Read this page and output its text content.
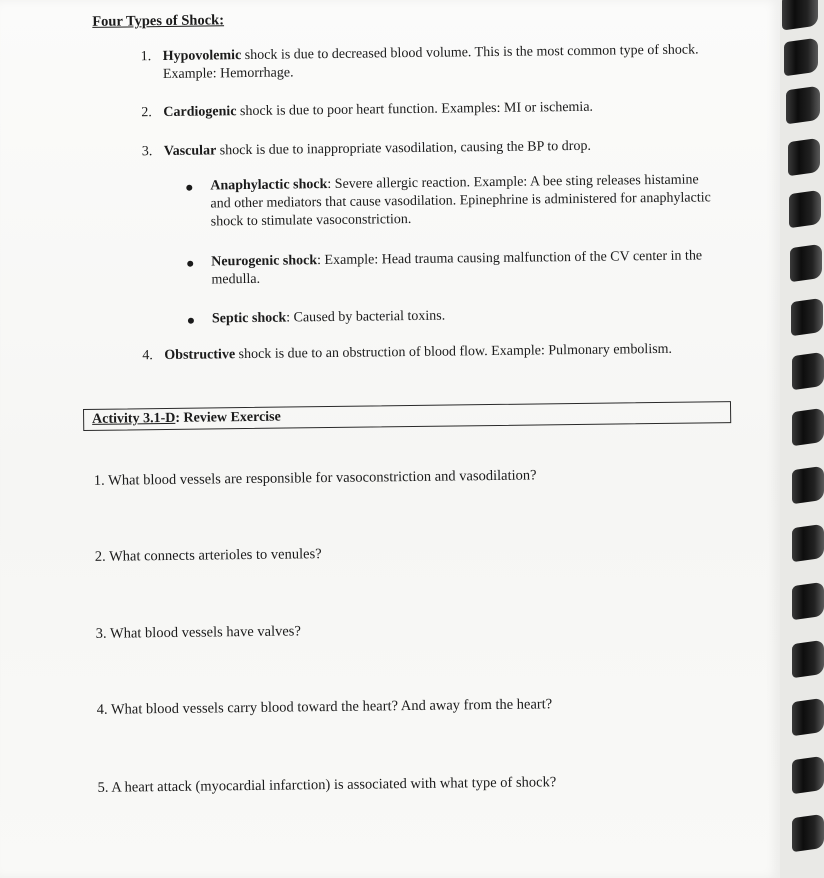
Four Types of Shock:
1. Hypovolemic shock is due to decreased blood volume. This is the most common type of shock. Example: Hemorrhage.
2. Cardiogenic shock is due to poor heart function. Examples: MI or ischemia.
3. Vascular shock is due to inappropriate vasodilation, causing the BP to drop.
Anaphylactic shock: Severe allergic reaction. Example: A bee sting releases histamine and other mediators that cause vasodilation. Epinephrine is administered for anaphylactic shock to stimulate vasoconstriction.
Neurogenic shock: Example: Head trauma causing malfunction of the CV center in the medulla.
Septic shock: Caused by bacterial toxins.
4. Obstructive shock is due to an obstruction of blood flow. Example: Pulmonary embolism.
Activity 3.1-D: Review Exercise
1. What blood vessels are responsible for vasoconstriction and vasodilation?
2. What connects arterioles to venules?
3. What blood vessels have valves?
4. What blood vessels carry blood toward the heart? And away from the heart?
5. A heart attack (myocardial infarction) is associated with what type of shock?
